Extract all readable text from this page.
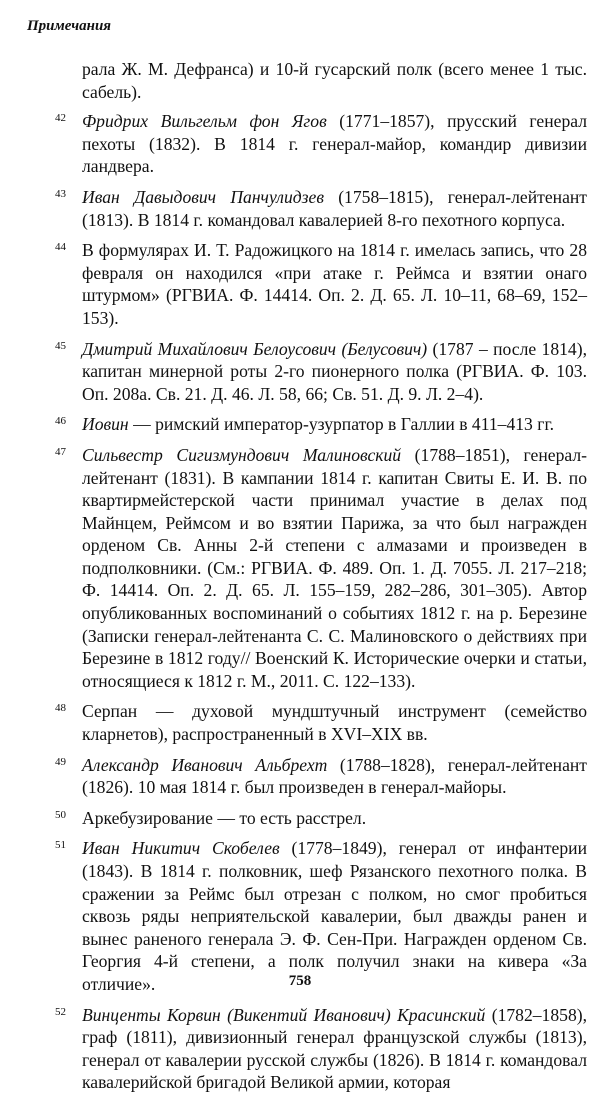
Примечания
рала Ж. М. Дефранса) и 10-й гусарский полк (всего менее 1 тыс. сабель).
42 Фридрих Вильгельм фон Ягов (1771–1857), прусский генерал пехоты (1832). В 1814 г. генерал-майор, командир дивизии ландвера.
43 Иван Давыдович Панчулидзев (1758–1815), генерал-лейтенант (1813). В 1814 г. командовал кавалерией 8-го пехотного корпуса.
44 В формулярах И. Т. Радожицкого на 1814 г. имелась запись, что 28 февраля он находился «при атаке г. Реймса и взятии онаго штурмом» (РГВИА. Ф. 14414. Оп. 2. Д. 65. Л. 10–11, 68–69, 152–153).
45 Дмитрий Михайлович Белоусович (Белусович) (1787 – после 1814), капитан минерной роты 2-го пионерного полка (РГВИА. Ф. 103. Оп. 208а. Св. 21. Д. 46. Л. 58, 66; Св. 51. Д. 9. Л. 2–4).
46 Иовин — римский император-узурпатор в Галлии в 411–413 гг.
47 Сильвестр Сигизмундович Малиновский (1788–1851), генерал-лейтенант (1831). В кампании 1814 г. капитан Свиты Е. И. В. по квартирмейстерской части принимал участие в делах под Майнцем, Реймсом и во взятии Парижа, за что был награжден орденом Св. Анны 2-й степени с алмазами и произведен в подполковники. (См.: РГВИА. Ф. 489. Оп. 1. Д. 7055. Л. 217–218; Ф. 14414. Оп. 2. Д. 65. Л. 155–159, 282–286, 301–305). Автор опубликованных воспоминаний о событиях 1812 г. на р. Березине (Записки генерал-лейтенанта С. С. Малиновского о действиях при Березине в 1812 году// Военский К. Исторические очерки и статьи, относящиеся к 1812 г. М., 2011. С. 122–133).
48 Серпан — духовой мундштучный инструмент (семейство кларнетов), распространенный в XVI–XIX вв.
49 Александр Иванович Альбрехт (1788–1828), генерал-лейтенант (1826). 10 мая 1814 г. был произведен в генерал-майоры.
50 Аркебузирование — то есть расстрел.
51 Иван Никитич Скобелев (1778–1849), генерал от инфантерии (1843). В 1814 г. полковник, шеф Рязанского пехотного полка. В сражении за Реймс был отрезан с полком, но смог пробиться сквозь ряды неприятельской кавалерии, был дважды ранен и вынес раненого генерала Э. Ф. Сен-При. Награжден орденом Св. Георгия 4-й степени, а полк получил знаки на кивера «За отличие».
52 Винценты Корвин (Викентий Иванович) Красинский (1782–1858), граф (1811), дивизионный генерал французской службы (1813), генерал от кавалерии русской службы (1826). В 1814 г. командовал кавалерийской бригадой Великой армии, которая
758
